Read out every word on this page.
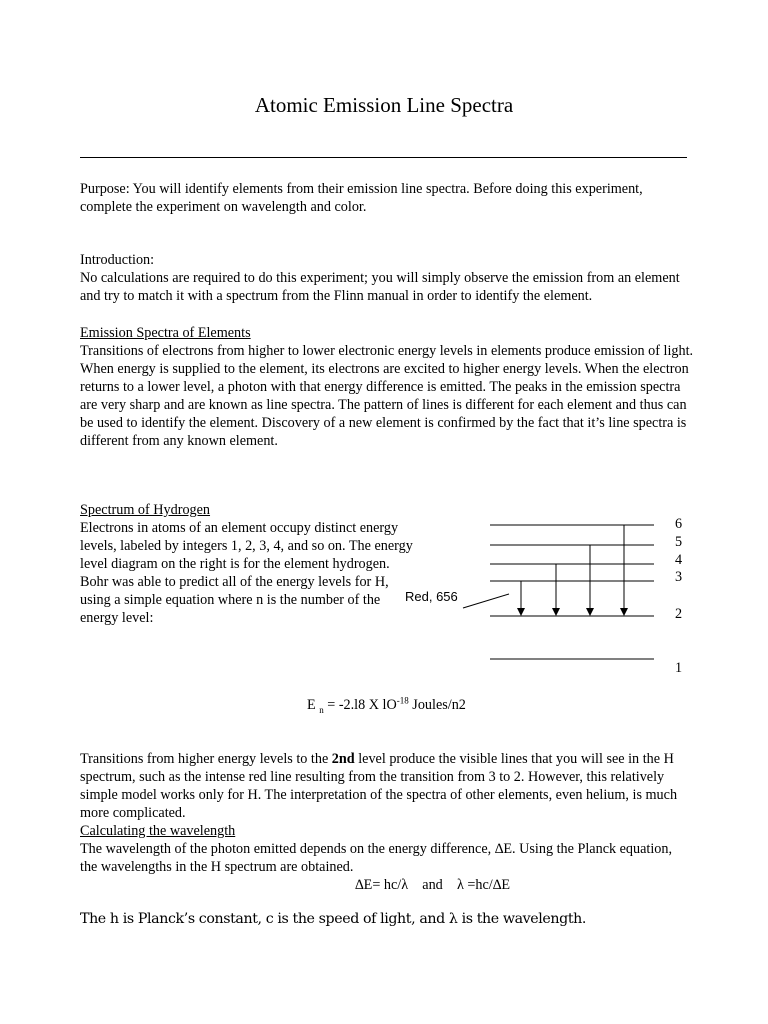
Atomic Emission Line Spectra
Purpose: You will identify elements from their emission line spectra. Before doing this experiment, complete the experiment on wavelength and color.
Introduction:
No calculations are required to do this experiment; you will simply observe the emission from an element and try to match it with a spectrum from the Flinn manual in order to identify the element.
Emission Spectra of Elements
Transitions of electrons from higher to lower electronic energy levels in elements produce emission of light. When energy is supplied to the element, its electrons are excited to higher energy levels. When the electron returns to a lower level, a photon with that energy difference is emitted. The peaks in the emission spectra are very sharp and are known as line spectra. The pattern of lines is different for each element and thus can be used to identify the element. Discovery of a new element is confirmed by the fact that it’s line spectra is different from any known element.
Spectrum of Hydrogen
Electrons in atoms of an element occupy distinct energy levels, labeled by integers 1, 2, 3, 4, and so on. The energy level diagram on the right is for the element hydrogen. Bohr was able to predict all of the energy levels for H, using a simple equation where n is the number of the energy level:
6
5
4
3
2
1
Red, 656
E $_n$ = -2.l8 X $lO^{-18}$ Joules/n2
Transitions from higher energy levels to the 2nd level produce the visible lines that you will see in the H spectrum, such as the intense red line resulting from the transition from 3 to 2. However, this relatively simple model works only for H. The interpretation of the spectra of other elements, even helium, is much more complicated.
Calculating the wavelength
The wavelength of the photon emitted depends on the energy difference, ∆E. Using the Planck equation, the wavelengths in the H spectrum are obtained.
∆E= hc/λ    and    λ =hc/∆E
The h is Planck’s constant, c is the speed of light, and λ is the wavelength.
